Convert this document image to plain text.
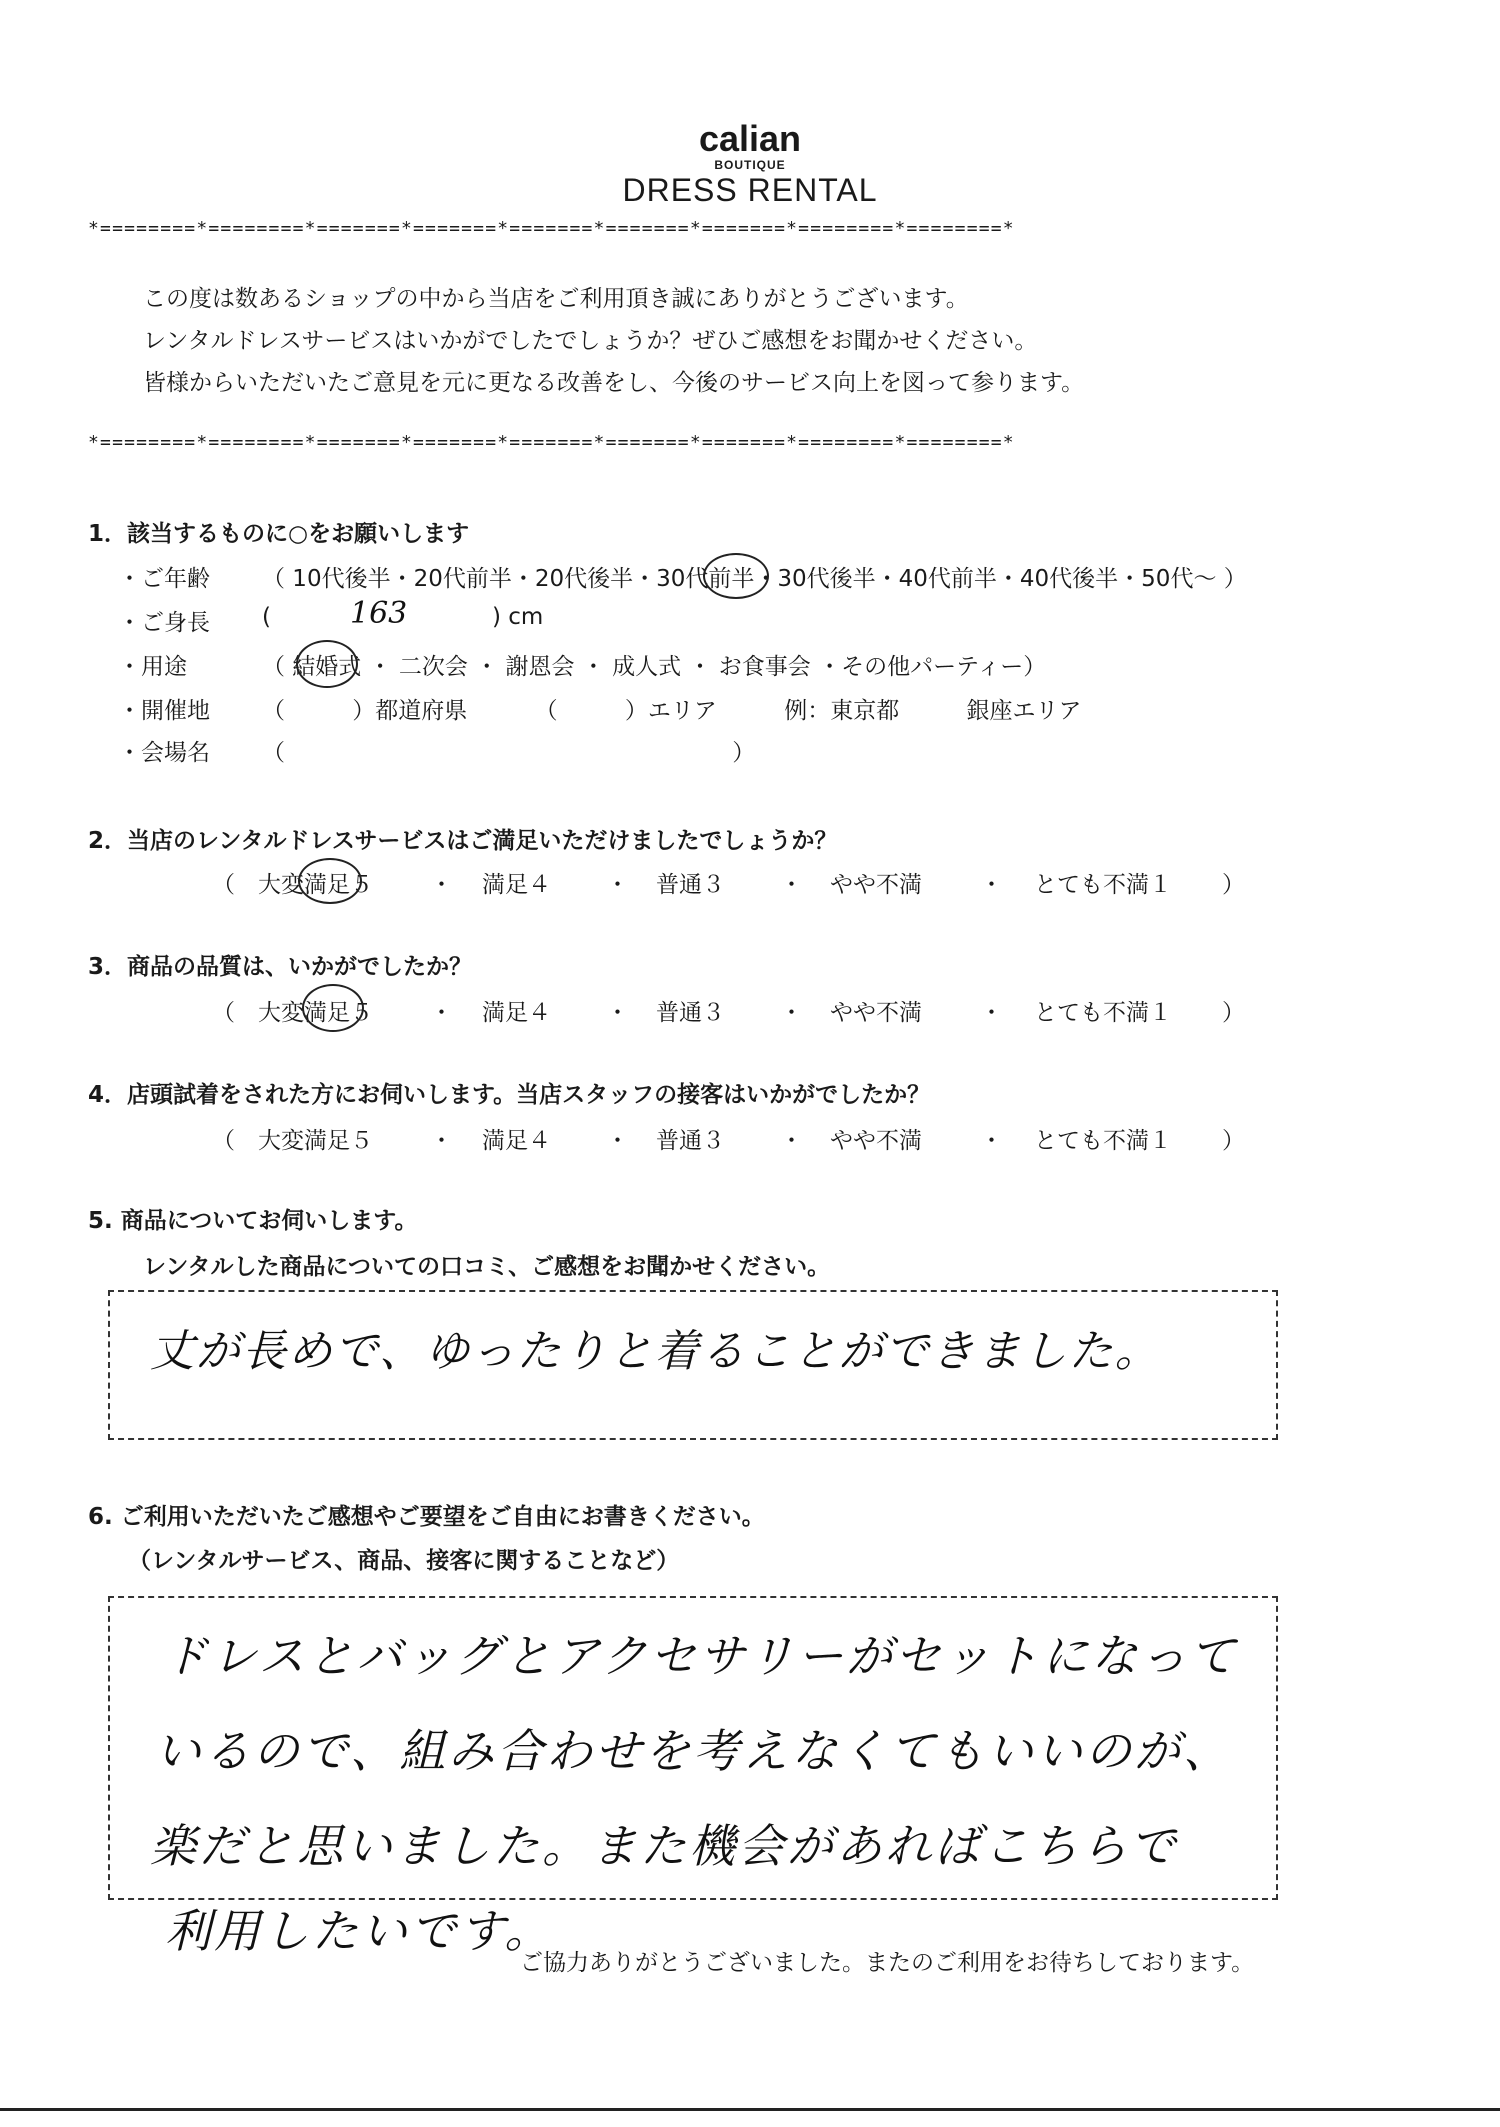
calian
BOUTIQUE
DRESS RENTAL
*========*========*=======*=======*=======*=======*=======*========*========*
この度は数あるショップの中から当店をご利用頂き誠にありがとうございます。
レンタルドレスサービスはいかがでしたでしょうか？ぜひご感想をお聞かせください。
皆様からいただいたご意見を元に更なる改善をし、今後のサービス向上を図って参ります。
*========*========*=======*=======*=======*=======*=======*========*========*
1．該当するものに○をお願いします
・ご年齢 （ 10代後半・20代前半・20代後半・30代前半・30代後半・40代前半・40代後半・50代～ ）
・ご身長 (	163	) cm
・用途	（ 結婚式 ・ 二次会 ・ 謝恩会 ・ 成人式 ・ お食事会 ・その他パーティー）
・開催地 （ ）都道府県 （ ）エリア 例：東京都 銀座エリア
・会場名 （ ）
2．当店のレンタルドレスサービスはご満足いただけましたでしょうか？
（ 大変満足５ ・ 満足４ ・ 普通３ ・ やや不満	・ とても不満１ ）
3．商品の品質は、いかがでしたか？
（ 大変満足５ ・ 満足４ ・ 普通３ ・ やや不満	・ とても不満１ ）
4．店頭試着をされた方にお伺いします。当店スタッフの接客はいかがでしたか？
（ 大変満足５ ・ 満足４ ・ 普通３ ・ やや不満	・ とても不満１ ）
5. 商品についてお伺いします。
レンタルした商品についての口コミ、ご感想をお聞かせください。
丈が長めで、ゆったりと着ることができました。
6. ご利用いただいたご感想やご要望をご自由にお書きください。
（レンタルサービス、商品、接客に関することなど）
ドレスとバッグとアクセサリーがセットになって
いるので、組み合わせを考えなくてもいいのが、
楽だと思いました。また機会があればこちらで
利用したいです。
ご協力ありがとうございました。またのご利用をお待ちしております。
